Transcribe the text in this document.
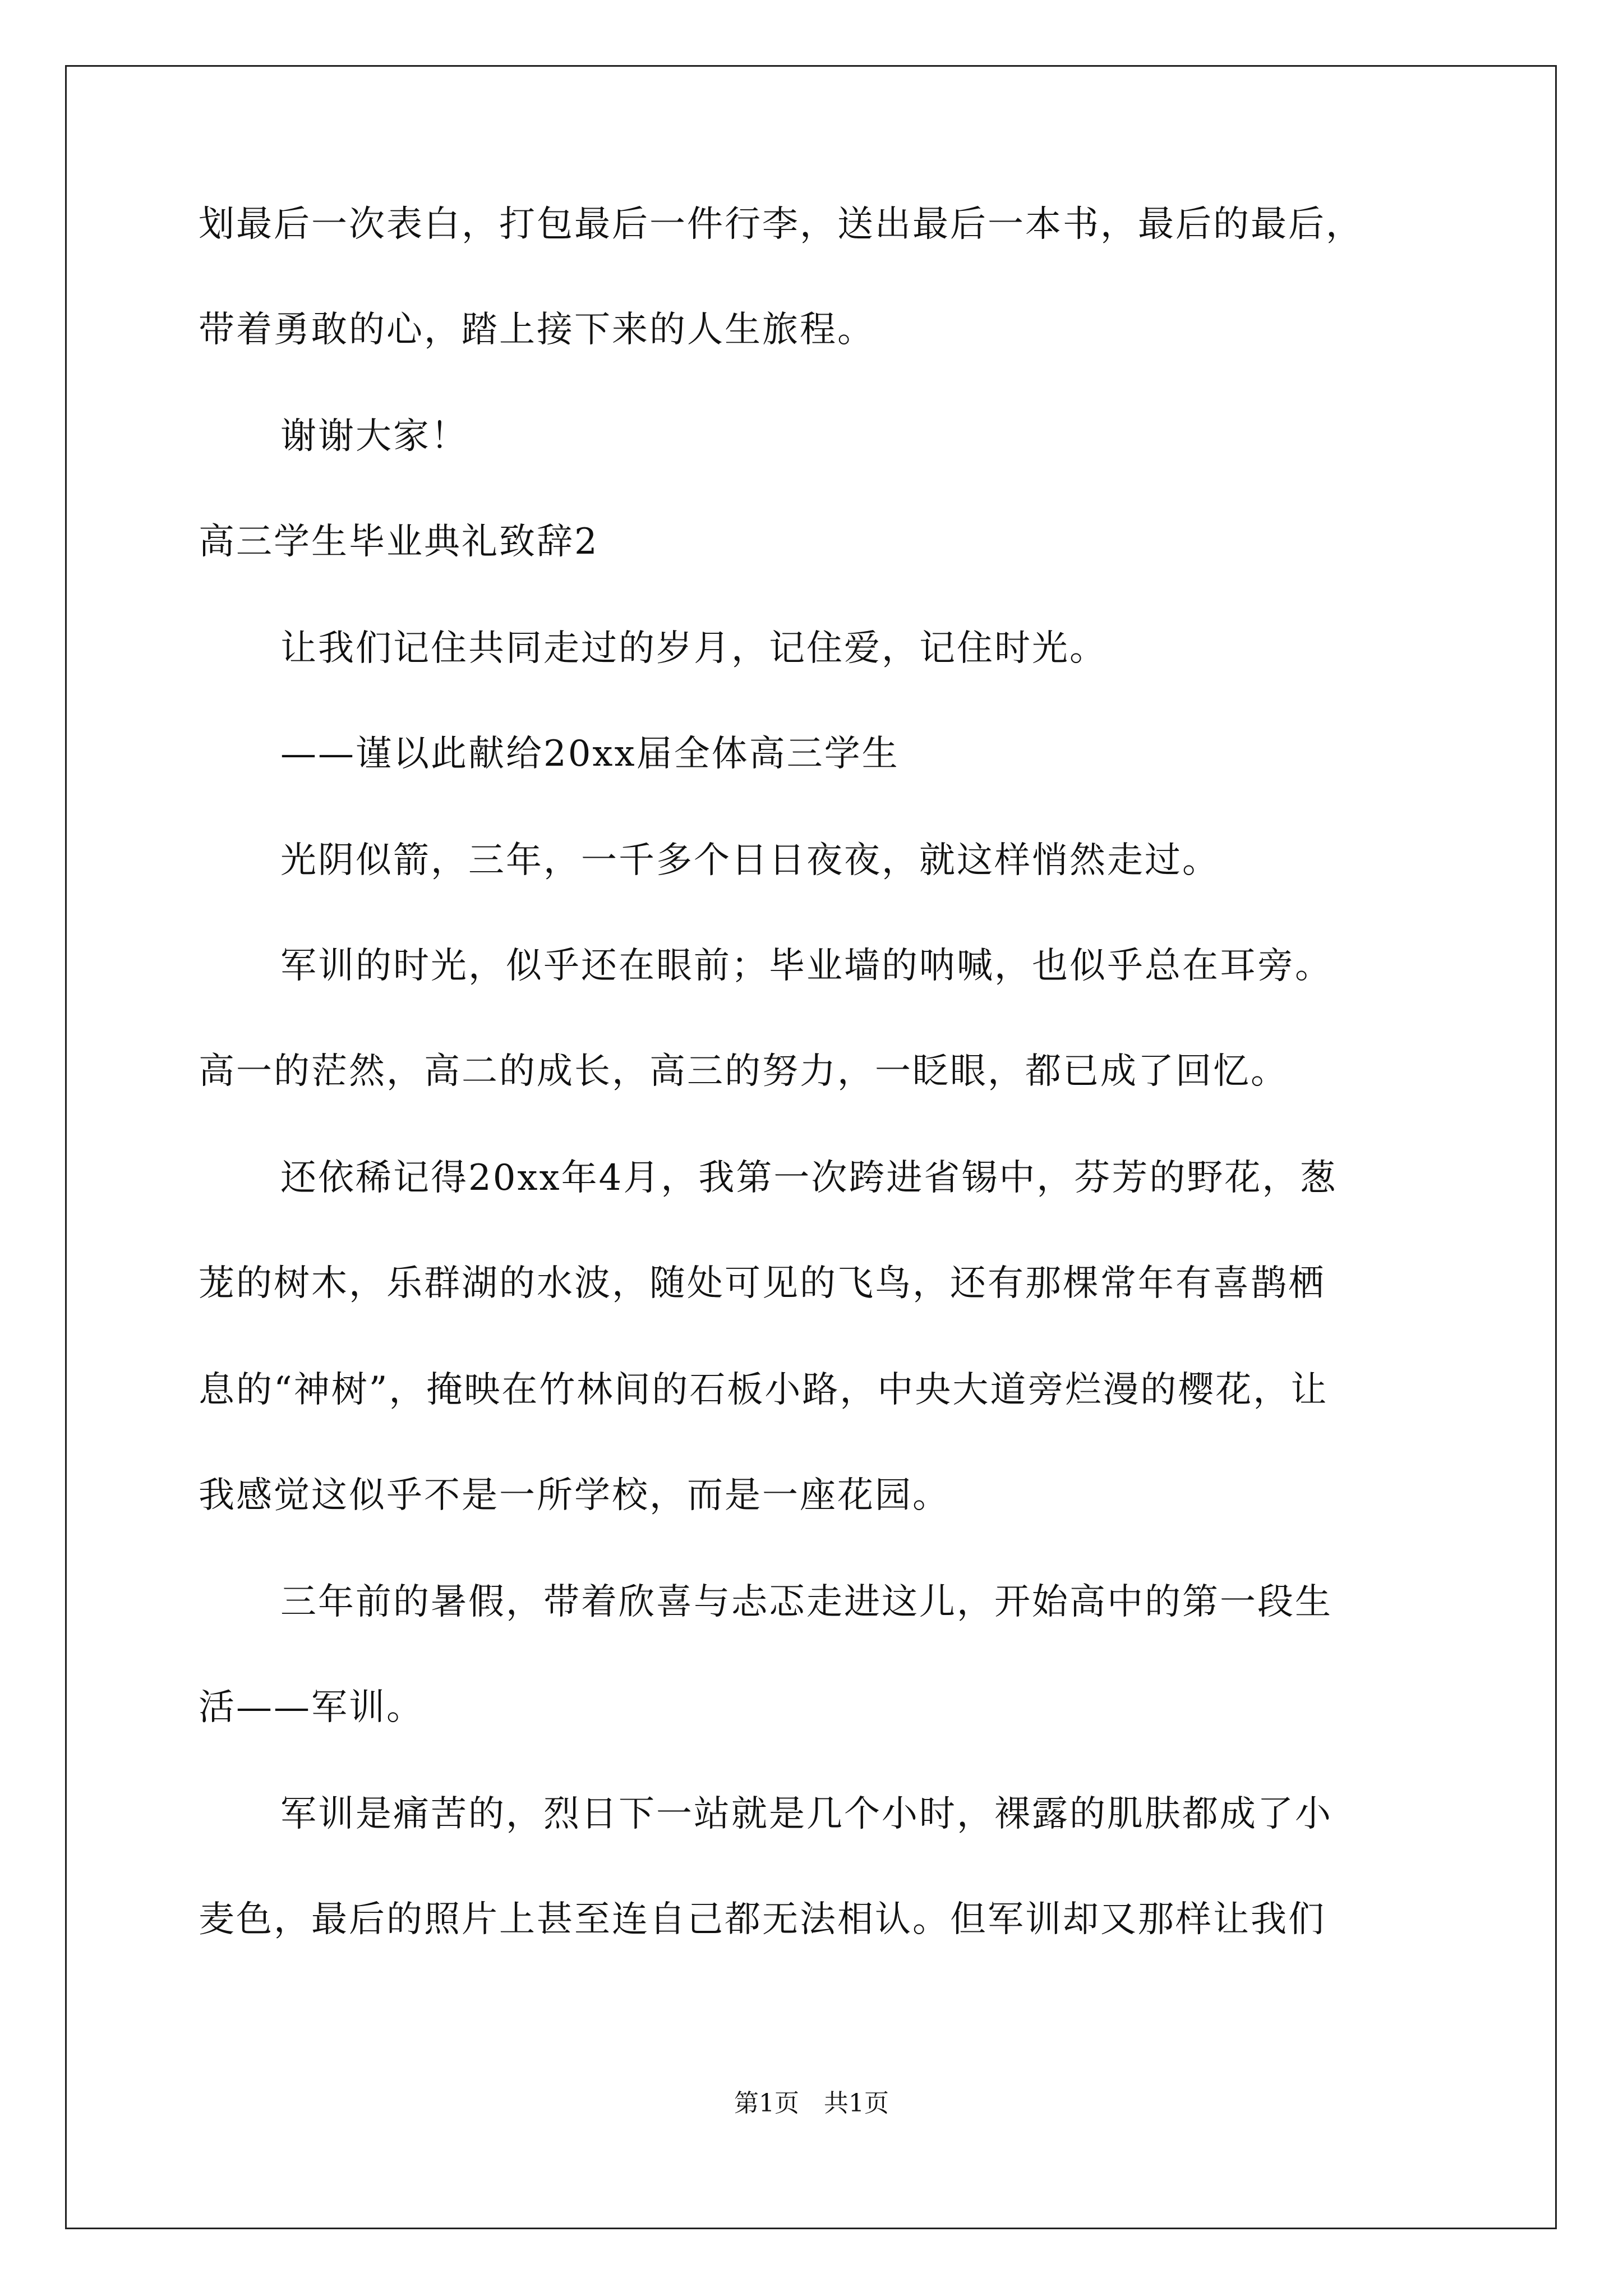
划最后一次表白，打包最后一件行李，送出最后一本书，最后的最后，
带着勇敢的心，踏上接下来的人生旅程。
谢谢大家！
高三学生毕业典礼致辞2
让我们记住共同走过的岁月，记住爱，记住时光。
——谨以此献给20xx届全体高三学生
光阴似箭，三年，一千多个日日夜夜，就这样悄然走过。
军训的时光，似乎还在眼前；毕业墙的呐喊，也似乎总在耳旁。
高一的茫然，高二的成长，高三的努力，一眨眼，都已成了回忆。
还依稀记得20xx年4月，我第一次跨进省锡中，芬芳的野花，葱
茏的树木，乐群湖的水波，随处可见的飞鸟，还有那棵常年有喜鹊栖
息的“神树”，掩映在竹林间的石板小路，中央大道旁烂漫的樱花，让
我感觉这似乎不是一所学校，而是一座花园。
三年前的暑假，带着欣喜与忐忑走进这儿，开始高中的第一段生
活——军训。
军训是痛苦的，烈日下一站就是几个小时，裸露的肌肤都成了小
麦色，最后的照片上甚至连自己都无法相认。但军训却又那样让我们
第1页　共1页
